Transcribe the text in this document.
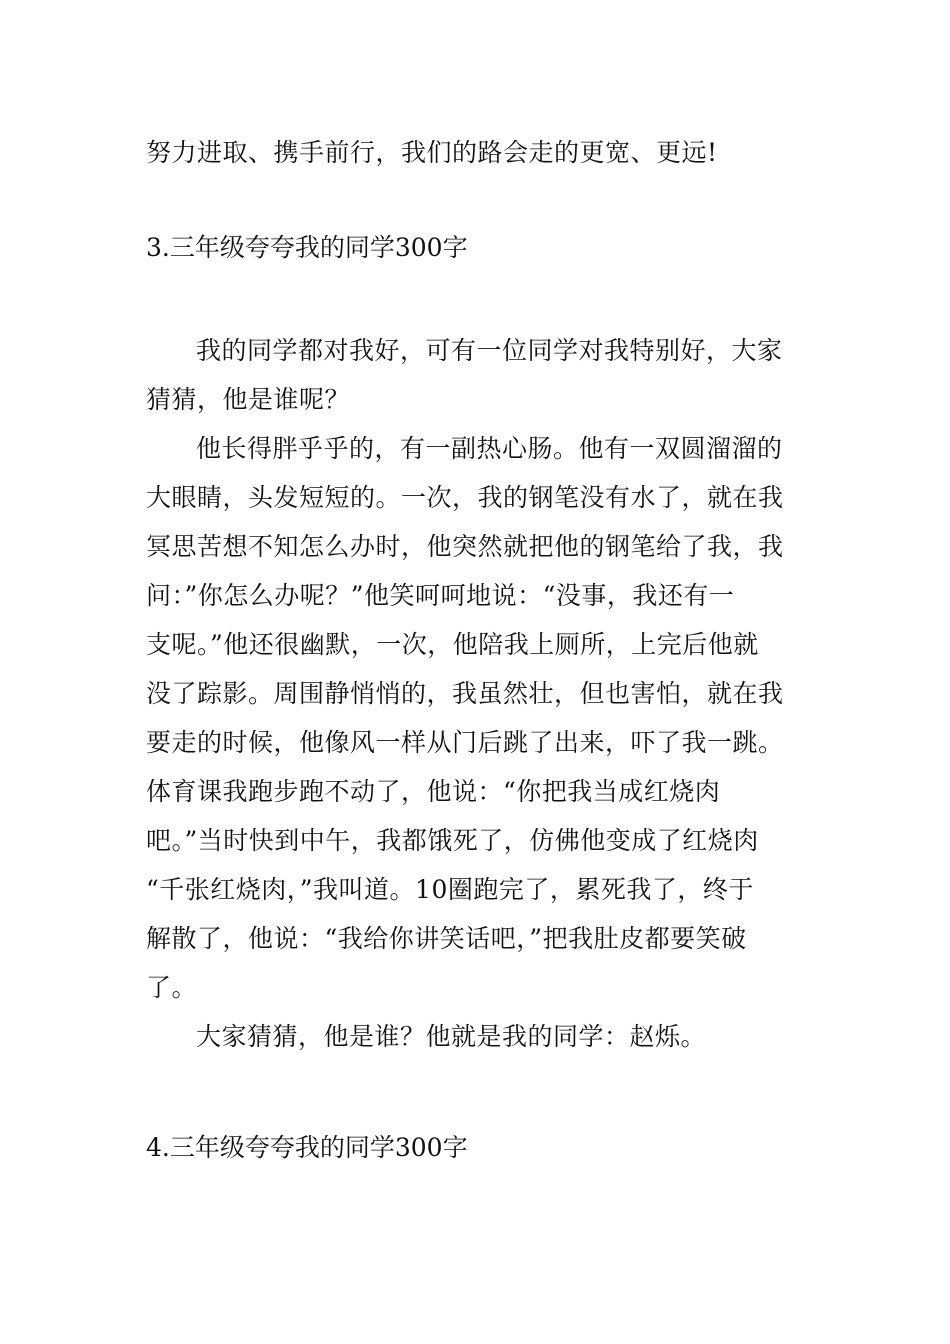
努力进取、携手前行，我们的路会走的更宽、更远!
3.三年级夸夸我的同学300字
我的同学都对我好，可有一位同学对我特别好，大家
猜猜，他是谁呢？
他长得胖乎乎的，有一副热心肠。他有一双圆溜溜的
大眼睛，头发短短的。一次，我的钢笔没有水了，就在我
冥思苦想不知怎么办时，他突然就把他的钢笔给了我，我
问：”你怎么办呢？”他笑呵呵地说：“没事，我还有一
支呢。”他还很幽默，一次，他陪我上厕所，上完后他就
没了踪影。周围静悄悄的，我虽然壮，但也害怕，就在我
要走的时候，他像风一样从门后跳了出来，吓了我一跳。
体育课我跑步跑不动了，他说：“你把我当成红烧肉
吧。”当时快到中午，我都饿死了，仿佛他变成了红烧肉
“千张红烧肉，”我叫道。10圈跑完了，累死我了，终于
解散了，他说：“我给你讲笑话吧，”把我肚皮都要笑破
了。
大家猜猜，他是谁？他就是我的同学：赵烁。
4.三年级夸夸我的同学300字
